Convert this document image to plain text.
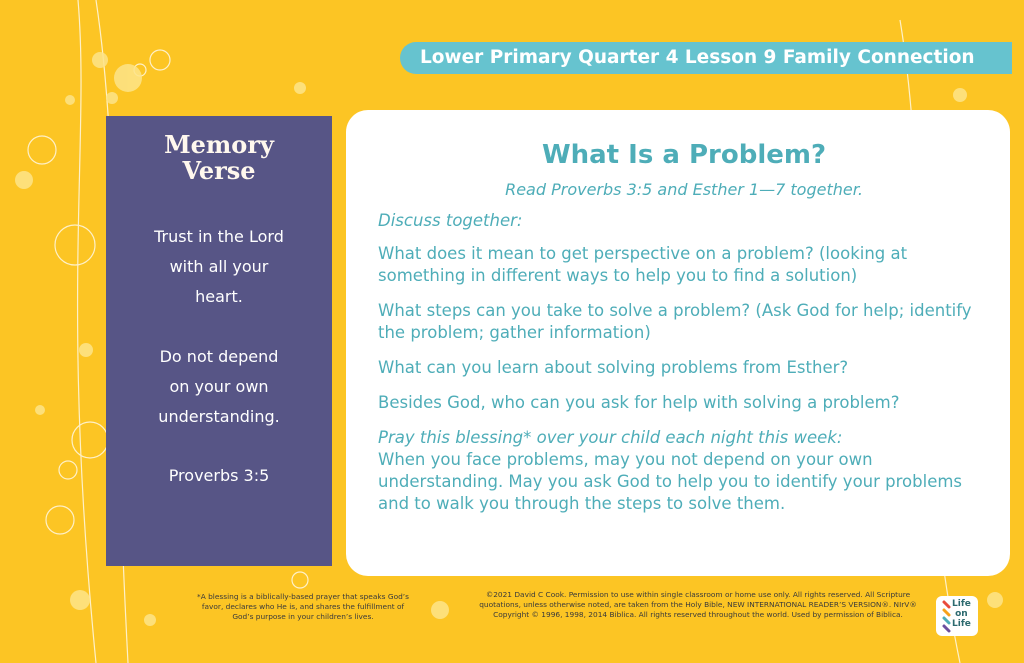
Lower Primary Quarter 4 Lesson 9 Family Connection
Memory
Verse
Trust in the Lord
with all your
heart.
Do not depend
on your own
understanding.
Proverbs 3:5
What Is a Problem?
Read Proverbs 3:5 and Esther 1—7 together.
Discuss together:
What does it mean to get perspective on a problem? (looking at something in different ways to help you to find a solution)
What steps can you take to solve a problem? (Ask God for help; identify the problem; gather information)
What can you learn about solving problems from Esther?
Besides God, who can you ask for help with solving a problem?
Pray this blessing* over your child each night this week:
When you face problems, may you not depend on your own understanding. May you ask God to help you to identify your problems and to walk you through the steps to solve them.
*A blessing is a biblically-based prayer that speaks God’s favor, declares who He is, and shares the fulfillment of God’s purpose in your children’s lives.
©2021 David C Cook. Permission to use within single classroom or home use only. All rights reserved. All Scripture quotations, unless otherwise noted, are taken from the Holy Bible, NEW INTERNATIONAL READER’S VERSION®. NIrV® Copyright © 1996, 1998, 2014 Biblica. All rights reserved throughout the world. Used by permission of Biblica.
Life
on
Life
